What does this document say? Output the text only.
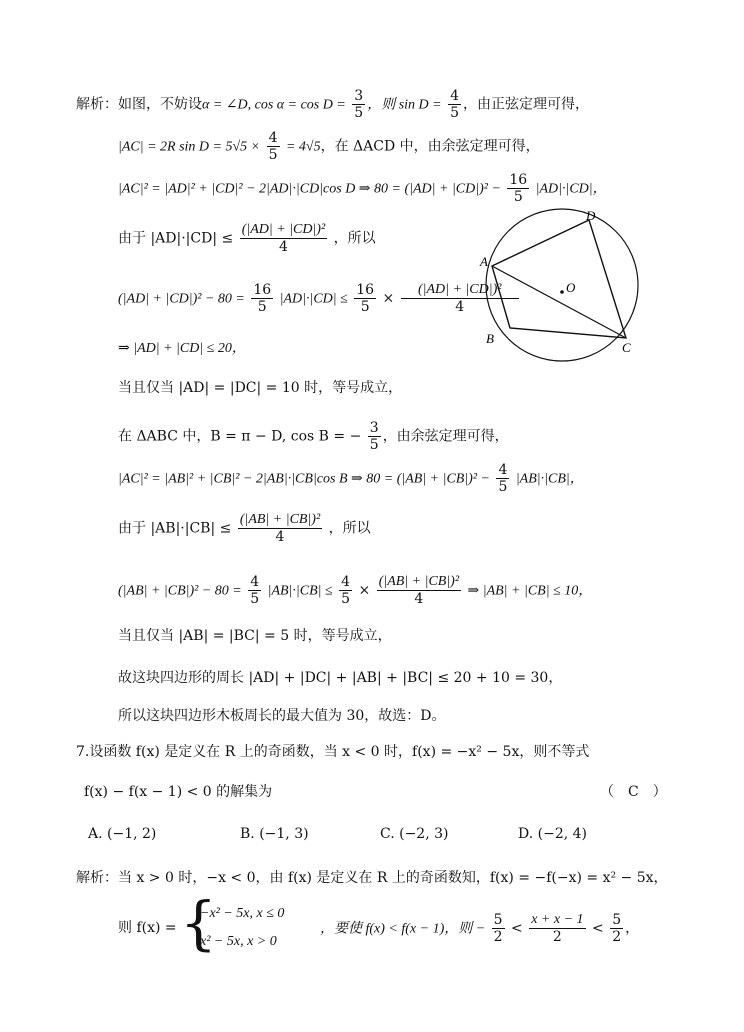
解析：如图，不妨设α = ∠D, $\cos \alpha = \cos D = \frac{3}{5}$ ，则 $\sin D = \frac{4}{5}$ ，由正弦定理可得，
|AC| = 2R $\sin D = 5√5 \times \frac{4}{5} = 4√5$，在 ΔACD 中，由余弦定理可得，
|AC|² = |AD|² + |CD|² − 2|AD|·|CD|cos D ⇒ $80 = (|AD| + |CD|)^2 - \frac{16}{5} |AD|\cdot|CD|$，
由于 $|AD|\cdot|CD| \le \frac{\text{(|AD| + |CD|)²}}{4}$ ，所以
$(|AD| + |CD|)^2 - 80 = \frac{16}{5} |AD|\cdot|CD| \le \frac{16}{5} \times \frac{\text{(|AD| + |CD|)²}}{4}$
⇒ |AD| + |CD| ≤ 20，
当且仅当 |AD| = |DC| = 10 时，等号成立，
在 ΔABC 中，B = π − D, cos B = − $\frac{3}{5}$ ，由余弦定理可得，
|AC|² = |AB|² + |CB|² − 2|AB|·|CB|cos B ⇒ $80 = (|AB| + |CB|)^2 - \frac{4}{5} |AB|\cdot|CB|$，
由于 $|AB|\cdot|CB| \le \frac{\text{(|AB| + |CB|)²}}{4}$ ，所以
$(|AB| + |CB|)^2 - 80 = \frac{4}{5} |AB|\cdot|CB| \le \frac{4}{5} \times \frac{\text{(|AB| + |CB|)²}}{4}$ ⇒ |AB| + |CB| ≤ 10，
当且仅当 |AB| = |BC| = 5 时，等号成立，
故这块四边形的周长 |AD| + |DC| + |AB| + |BC| ≤ 20 + 10 = 30，
所以这块四边形木板周长的最大值为 30，故选：D。
A
D
C
B
O
7.设函数 f(x) 是定义在 R 上的奇函数，当 x < 0 时，f(x) = −x² − 5x，则不等式
f(x) − f(x − 1) < 0 的解集为	（　C　）
A. (−1, 2)	B. (−1, 3)	C. (−2, 3)	D. (−2, 4)
解析：当 x > 0 时，−x < 0，由 f(x) 是定义在 R 上的奇函数知，f(x) = −f(−x) = x² − 5x，
则 f(x) = {
−x² − 5x, x ≤ 0
x² − 5x, x > 0
，要使 f(x) < f(x − 1)，则 − $\frac{5}{2} < \frac{x + x - 1}{2} < \frac{5}{2}$ ，
